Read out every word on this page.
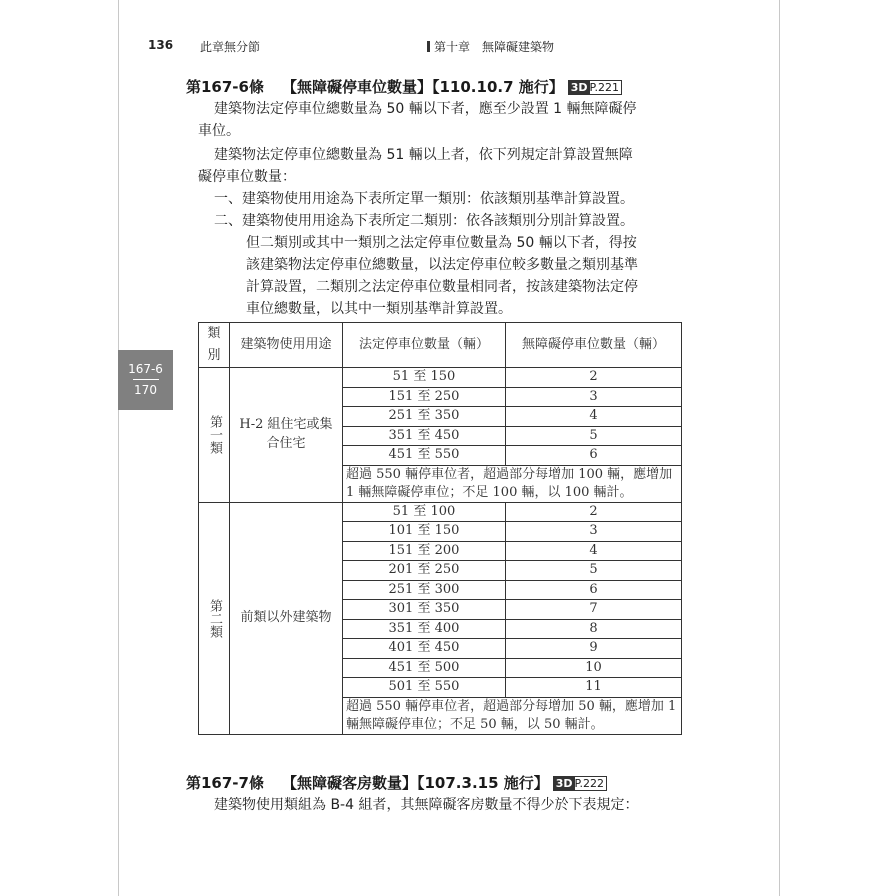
136 此章無分節	第十章　無障礙建築物
167-6
170
第167-6條 【無障礙停車位數量】【110.10.7 施行】 3D P.221
建築物法定停車位總數量為 50 輛以下者，應至少設置 1 輛無障礙停
車位。
建築物法定停車位總數量為 51 輛以上者，依下列規定計算設置無障
礙停車位數量：
一、建築物使用用途為下表所定單一類別：依該類別基準計算設置。
二、建築物使用用途為下表所定二類別：依各該類別分別計算設置。
但二類別或其中一類別之法定停車位數量為 50 輛以下者，得按
該建築物法定停車位總數量，以法定停車位較多數量之類別基準
計算設置，二類別之法定停車位數量相同者，按該建築物法定停
車位總數量，以其中一類別基準計算設置。
類別	建築物使用用途	法定停車位數量（輛）	無障礙停車位數量（輛）
第一類	H-2 組住宅或集合住宅	51 至 150	2
		151 至 250	3
		251 至 350	4
		351 至 450	5
		451 至 550	6
		超過 550 輛停車位者，超過部分每增加 100 輛，應增加 1 輛無障礙停車位；不足 100 輛，以 100 輛計。	
第二類	前類以外建築物	51 至 100	2
		101 至 150	3
		151 至 200	4
		201 至 250	5
		251 至 300	6
		301 至 350	7
		351 至 400	8
		401 至 450	9
		451 至 500	10
		501 至 550	11
		超過 550 輛停車位者，超過部分每增加 50 輛，應增加 1 輛無障礙停車位；不足 50 輛，以 50 輛計。	
第167-7條 【無障礙客房數量】【107.3.15 施行】 3D P.222
建築物使用類組為 B-4 組者，其無障礙客房數量不得少於下表規定：
